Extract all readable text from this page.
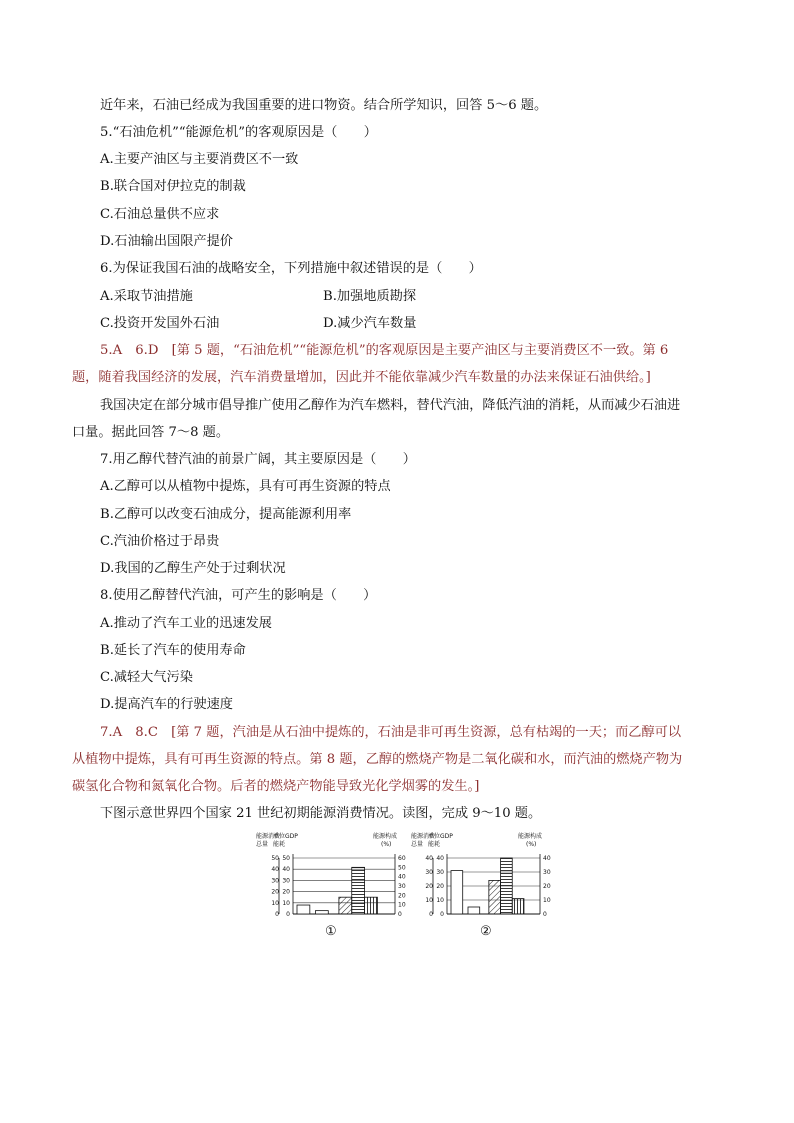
近年来，石油已经成为我国重要的进口物资。结合所学知识，回答 5～6 题。
5.“石油危机”“能源危机”的客观原因是（　　）
A.主要产油区与主要消费区不一致
B.联合国对伊拉克的制裁
C.石油总量供不应求
D.石油输出国限产提价
6.为保证我国石油的战略安全，下列措施中叙述错误的是（　　）
A.采取节油措施	B.加强地质勘探
C.投资开发国外石油	D.减少汽车数量
5.A　6.D　[第 5 题，“石油危机”“能源危机”的客观原因是主要产油区与主要消费区不一致。第 6
题，随着我国经济的发展，汽车消费量增加，因此并不能依靠减少汽车数量的办法来保证石油供给。]
我国决定在部分城市倡导推广使用乙醇作为汽车燃料，替代汽油，降低汽油的消耗，从而减少石油进
口量。据此回答 7～8 题。
7.用乙醇代替汽油的前景广阔，其主要原因是（　　）
A.乙醇可以从植物中提炼，具有可再生资源的特点
B.乙醇可以改变石油成分，提高能源利用率
C.汽油价格过于昂贵
D.我国的乙醇生产处于过剩状况
8.使用乙醇替代汽油，可产生的影响是（　　）
A.推动了汽车工业的迅速发展
B.延长了汽车的使用寿命
C.减轻大气污染
D.提高汽车的行驶速度
7.A　8.C　[第 7 题，汽油是从石油中提炼的，石油是非可再生资源，总有枯竭的一天；而乙醇可以
从植物中提炼，具有可再生资源的特点。第 8 题，乙醇的燃烧产物是二氧化碳和水，而汽油的燃烧产物为
碳氢化合物和氮氧化合物。后者的燃烧产物能导致光化学烟雾的发生。]
下图示意世界四个国家 21 世纪初期能源消费情况。读图，完成 9～10 题。
能源消费
总量
单位GDP
能耗
能源构成
(%)
0
0
10
10
20
20
30
30
40
40
50
50
0
10
20
30
40
50
60
能源消费
总量
单位GDP
能耗
能源构成
(%)
0
0
10
10
20
20
30
30
40
40
0
10
20
30
40
①	②
